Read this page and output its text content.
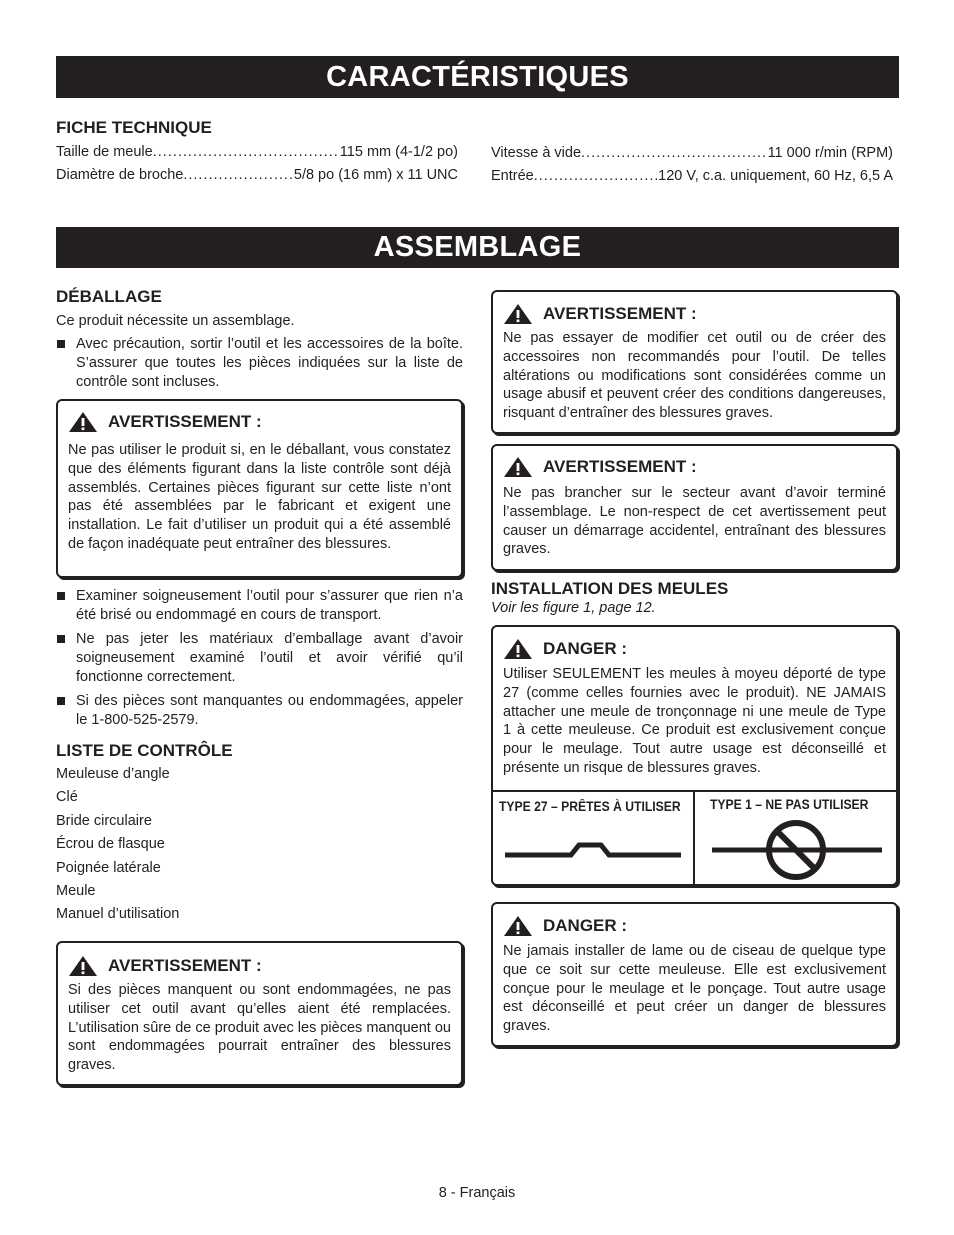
CARACTÉRISTIQUES
FICHE TECHNIQUE
Taille de meule .....	115 mm (4-1/2 po)
Diamètre de broche .....	5/8 po (16 mm) x 11 UNC
Vitesse à vide .....	11 000 r/min (RPM)
Entrée .....	120 V, c.a. uniquement, 60 Hz, 6,5 A
ASSEMBLAGE
DÉBALLAGE
Ce produit nécessite un assemblage.
Avec précaution, sortir l’outil et les accessoires de la boîte. S’assurer que toutes les pièces indiquées sur la liste de contrôle sont incluses.
AVERTISSEMENT :
Ne pas utiliser le produit si, en le déballant, vous constatez que des éléments figurant dans la liste contrôle sont déjà assemblés. Certaines pièces figurant sur cette liste n’ont pas été assemblées par le fabricant et exigent une installation. Le fait d’utiliser un produit qui a été assemblé de façon inadéquate peut entraîner des blessures.
Examiner soigneusement l’outil pour s’assurer que rien n’a été brisé ou endommagé en cours de transport.
Ne pas jeter les matériaux d’emballage avant d’avoir soigneusement examiné l’outil et avoir vérifié qu’il fonctionne correctement.
Si des pièces sont manquantes ou endommagées, appeler le 1-800-525-2579.
LISTE DE CONTRÔLE
Meuleuse d’angle
Clé
Bride circulaire
Écrou de flasque
Poignée latérale
Meule
Manuel d’utilisation
AVERTISSEMENT :
Si des pièces manquent ou sont endommagées, ne pas utiliser cet outil avant qu’elles aient été remplacées. L’utilisation sûre de ce produit avec les pièces manquent ou sont endommagées pourrait entraîner des blessures graves.
AVERTISSEMENT :
Ne pas essayer de modifier cet outil ou de créer des accessoires non recommandés pour l’outil. De telles altérations ou modifications sont considérées comme un usage abusif et peuvent créer des conditions dangereuses, risquant d’entraîner des blessures graves.
AVERTISSEMENT :
Ne pas brancher sur le secteur avant d’avoir terminé l’assemblage. Le non-respect de cet avertissement peut causer un démarrage accidentel, entraînant des blessures graves.
INSTALLATION DES MEULES
Voir les figure 1, page 12.
DANGER :
Utiliser SEULEMENT les meules à moyeu déporté de type 27 (comme celles fournies avec le produit). NE JAMAIS attacher une meule de tronçonnage ni une meule de Type 1 à cette meuleuse. Ce produit est exclusivement conçue pour le meulage. Tout autre usage est déconseillé et présente un risque de blessures graves.
TYPE 27 – PRÊTES À UTILISER TYPE 1 – NE PAS UTILISER
DANGER :
Ne jamais installer de lame ou de ciseau de quelque type que ce soit sur cette meuleuse. Elle est exclusivement conçue pour le meulage et le ponçage. Tout autre usage est déconseillé et peut créer un danger de blessures graves.
8 - Français
